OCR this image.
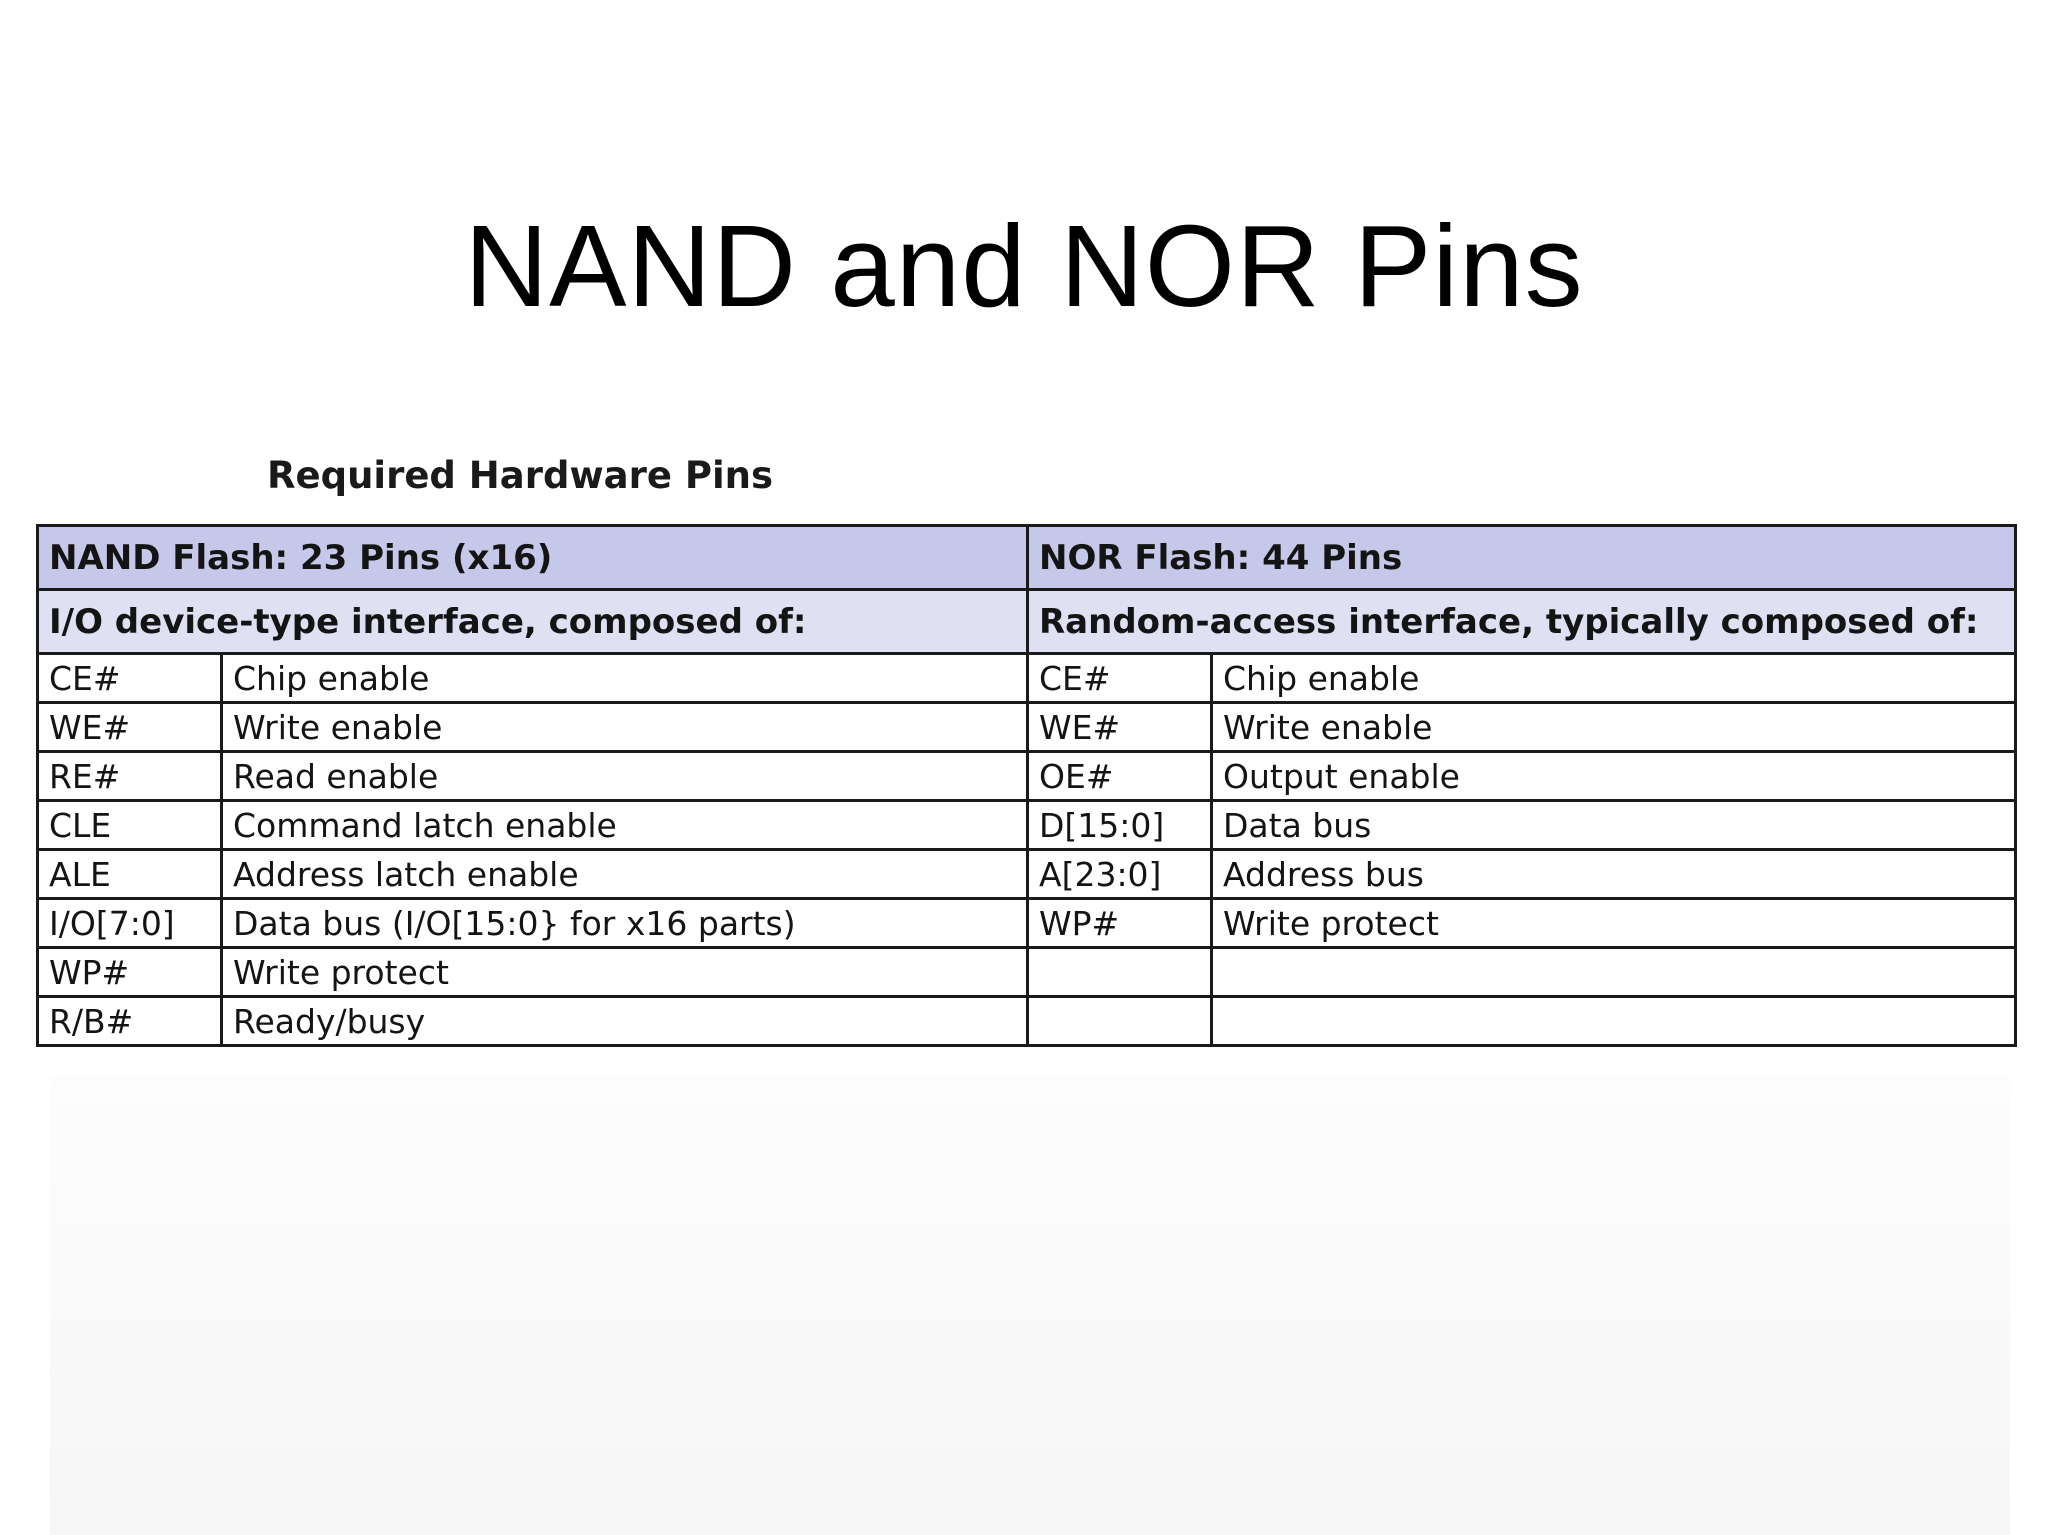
NAND and NOR Pins
Required Hardware Pins
NAND Flash: 23 Pins (x16)		NOR Flash: 44 Pins	
I/O device-type interface, composed of:		Random-access interface, typically composed of:	
CE#	Chip enable	CE#	Chip enable
WE#	Write enable	WE#	Write enable
RE#	Read enable	OE#	Output enable
CLE	Command latch enable	D[15:0]	Data bus
ALE	Address latch enable	A[23:0]	Address bus
I/O[7:0]	Data bus (I/O[15:0} for x16 parts)	WP#	Write protect
WP#	Write protect		
R/B#	Ready/busy		
